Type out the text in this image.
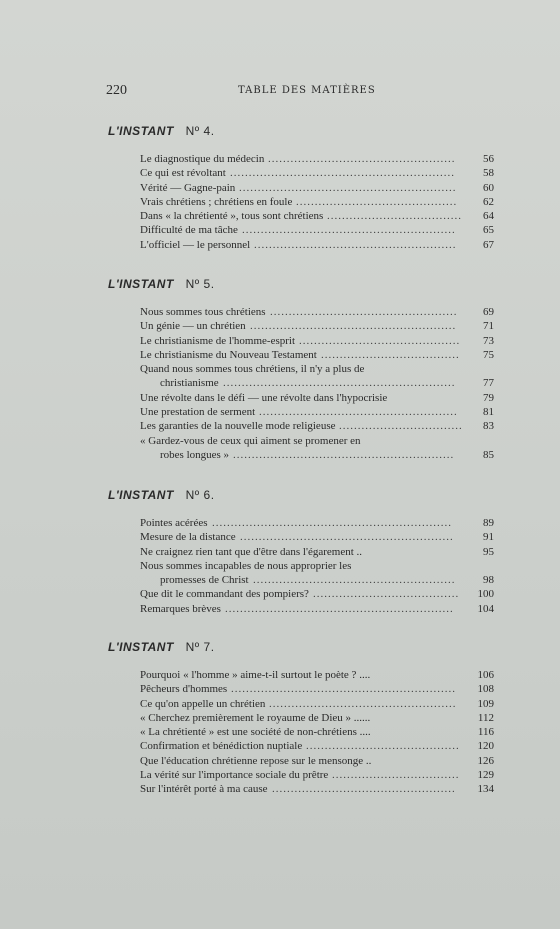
220	TABLE DES MATIÈRES
L'INSTANT Nº 4.
Le diagnostique du médecin ..................................................	56
Ce qui est révoltant ............................................................	58
Vérité — Gagne-pain ..........................................................	60
Vrais chrétiens ; chrétiens en foule ...........................................	62
Dans « la chrétienté », tous sont chrétiens ....................................	64
Difficulté de ma tâche .........................................................	65
L'officiel — le personnel ......................................................	67
L'INSTANT Nº 5.
Nous sommes tous chrétiens ..................................................	69
Un génie — un chrétien .......................................................	71
Le christianisme de l'homme-esprit ...........................................	73
Le christianisme du Nouveau Testament .....................................	75
Quand nous sommes tous chrétiens, il n'y a plus de
christianisme ..............................................................	77
Une révolte dans le défi — une révolte dans l'hypocrisie	79
Une prestation de serment .....................................................	81
Les garanties de la nouvelle mode religieuse .................................	83
« Gardez-vous de ceux qui aiment se promener en
robes longues » ...........................................................	85
L'INSTANT Nº 6.
Pointes acérées ................................................................	89
Mesure de la distance .........................................................	91
Ne craignez rien tant que d'être dans l'égarement ..	95
Nous sommes incapables de nous approprier les
promesses de Christ ......................................................	98
Que dit le commandant des pompiers? .......................................	100
Remarques brèves .............................................................	104
L'INSTANT Nº 7.
Pourquoi « l'homme » aime-t-il surtout le poète ? ....	106
Pêcheurs d'hommes ............................................................	108
Ce qu'on appelle un chrétien ..................................................	109
« Cherchez premièrement le royaume de Dieu » ......	112
« La chrétienté » est une société de non-chrétiens ....	116
Confirmation et bénédiction nuptiale .........................................	120
Que l'éducation chrétienne repose sur le mensonge ..	126
La vérité sur l'importance sociale du prêtre ..................................	129
Sur l'intérêt porté à ma cause .................................................	134
